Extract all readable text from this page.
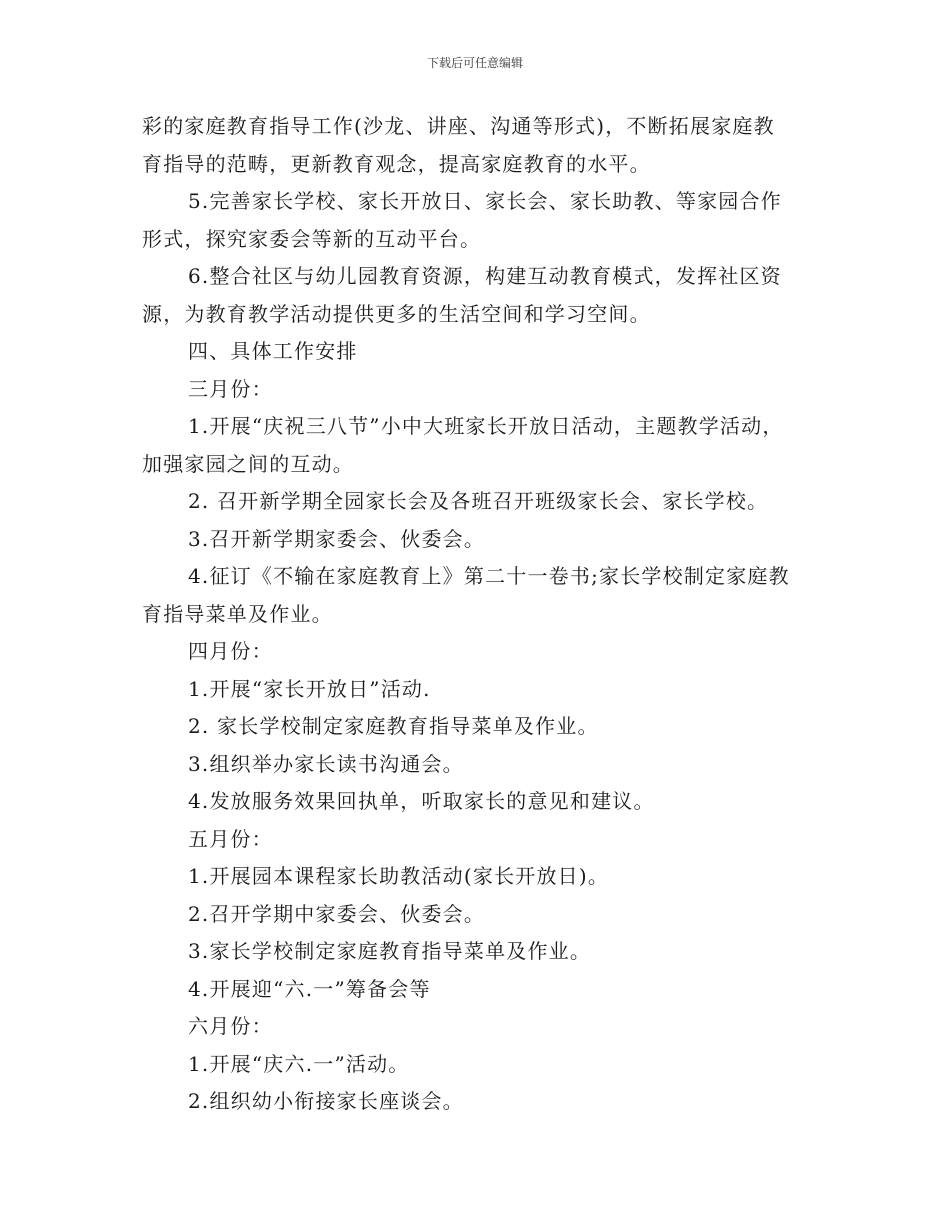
下载后可任意编辑
彩的家庭教育指导工作(沙龙、讲座、沟通等形式)，不断拓展家庭教
育指导的范畴，更新教育观念，提高家庭教育的水平。
5.完善家长学校、家长开放日、家长会、家长助教、等家园合作
形式，探究家委会等新的互动平台。
6.整合社区与幼儿园教育资源，构建互动教育模式，发挥社区资
源，为教育教学活动提供更多的生活空间和学习空间。
四、具体工作安排
三月份：
1.开展“庆祝三八节”小中大班家长开放日活动，主题教学活动，
加强家园之间的互动。
2. 召开新学期全园家长会及各班召开班级家长会、家长学校。
3.召开新学期家委会、伙委会。
4.征订《不输在家庭教育上》第二十一卷书;家长学校制定家庭教
育指导菜单及作业。
四月份：
1.开展“家长开放日”活动.
2. 家长学校制定家庭教育指导菜单及作业。
3.组织举办家长读书沟通会。
4.发放服务效果回执单，听取家长的意见和建议。
五月份：
1.开展园本课程家长助教活动(家长开放日)。
2.召开学期中家委会、伙委会。
3.家长学校制定家庭教育指导菜单及作业。
4.开展迎“六.一”筹备会等
六月份：
1.开展“庆六.一”活动。
2.组织幼小衔接家长座谈会。
